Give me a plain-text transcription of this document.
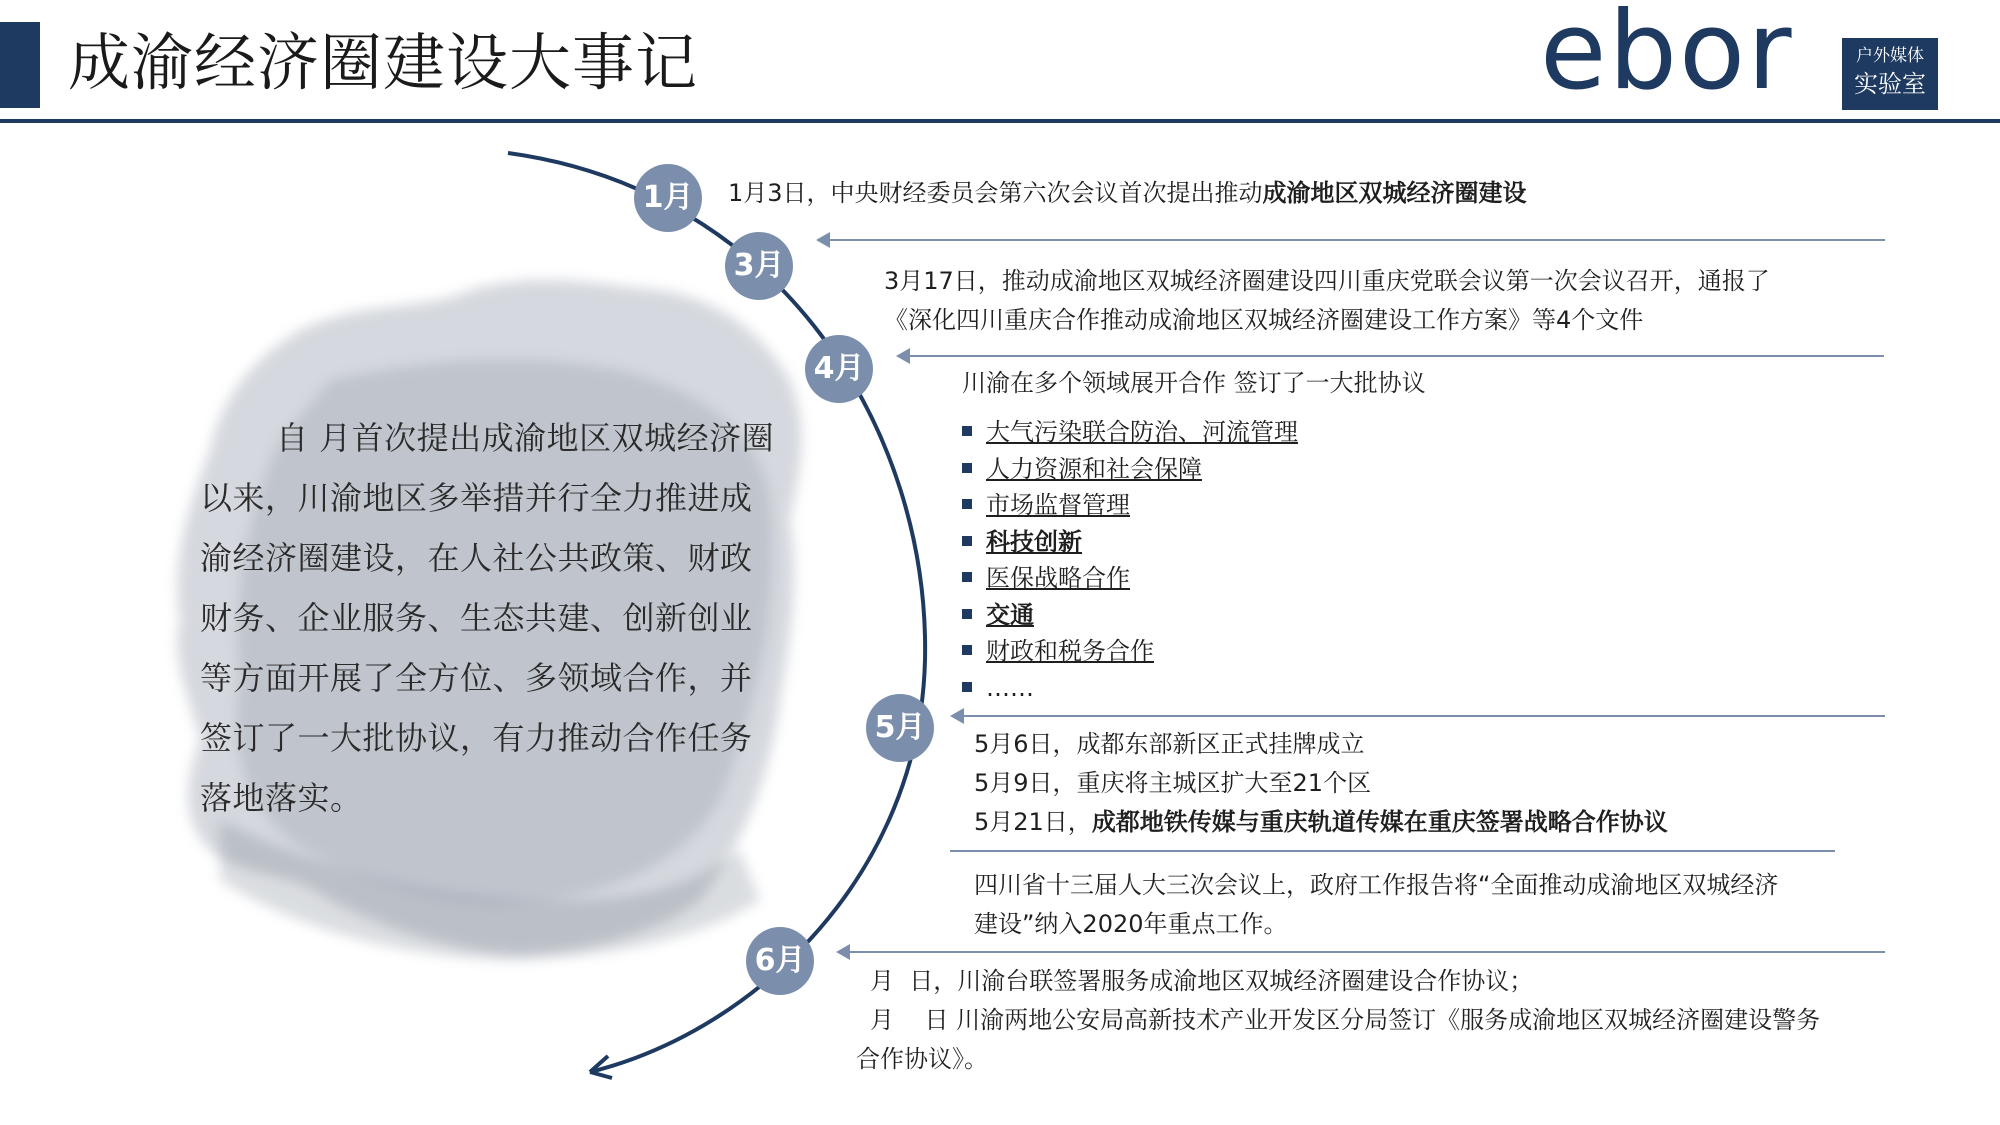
成渝经济圈建设大事记	ebor	户外媒体
实验室
自 月首次提出成渝地区双城经济圈以来，川渝地区多举措并行全力推进成渝经济圈建设，在人社公共政策、财政财务、企业服务、生态共建、创新创业等方面开展了全方位、多领域合作，并签订了一大批协议，有力推动合作任务落地落实。
1月
3月
4月
5月
6月
1月3日，中央财经委员会第六次会议首次提出推动成渝地区双城经济圈建设
3月17日，推动成渝地区双城经济圈建设四川重庆党联会议第一次会议召开，通报了
《深化四川重庆合作推动成渝地区双城经济圈建设工作方案》等4个文件
川渝在多个领域展开合作 签订了一大批协议
大气污染联合防治、河流管理
人力资源和社会保障
市场监督管理
科技创新
医保战略合作
交通
财政和税务合作
……
5月6日，成都东部新区正式挂牌成立
5月9日，重庆将主城区扩大至21个区
5月21日，成都地铁传媒与重庆轨道传媒在重庆签署战略合作协议
四川省十三届人大三次会议上，政府工作报告将“全面推动成渝地区双城经济
建设”纳入2020年重点工作。
月  日，川渝台联签署服务成渝地区双城经济圈建设合作协议；
月    日 川渝两地公安局高新技术产业开发区分局签订《服务成渝地区双城经济圈建设警务
合作协议》。
